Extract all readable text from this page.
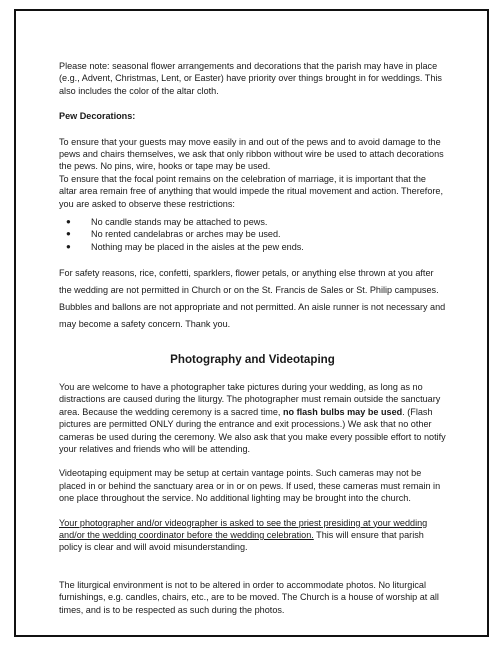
Please note: seasonal flower arrangements and decorations that the parish may have in place (e.g., Advent, Christmas, Lent, or Easter) have priority over things brought in for weddings. This also includes the color of the altar cloth.

Pew Decorations:

To ensure that your guests may move easily in and out of the pews and to avoid damage to the pews and chairs themselves, we ask that only ribbon without wire be used to attach decorations the pews. No pins, wire, hooks or tape may be used.

To ensure that the focal point remains on the celebration of marriage, it is important that the altar area remain free of anything that would impede the ritual movement and action. Therefore, you are asked to observe these restrictions:

● No candle stands may be attached to pews.
● No rented candelabras or arches may be used.
● Nothing may be placed in the aisles at the pew ends.

For safety reasons, rice, confetti, sparklers, flower petals, or anything else thrown at you after the wedding are not permitted in Church or on the St. Francis de Sales or St. Philip campuses. Bubbles and ballons are not appropriate and not permitted. An aisle runner is not necessary and may become a safety concern. Thank you.

Photography and Videotaping

You are welcome to have a photographer take pictures during your wedding, as long as no distractions are caused during the liturgy. The photographer must remain outside the sanctuary area. Because the wedding ceremony is a sacred time, no flash bulbs may be used. (Flash pictures are permitted ONLY during the entrance and exit processions.) We ask that no other cameras be used during the ceremony. We also ask that you make every possible effort to notify your relatives and friends who will be attending.

Videotaping equipment may be setup at certain vantage points. Such cameras may not be placed in or behind the sanctuary area or in or on pews. If used, these cameras must remain in one place throughout the service. No additional lighting may be brought into the church.

Your photographer and/or videographer is asked to see the priest presiding at your wedding and/or the wedding coordinator before the wedding celebration. This will ensure that parish policy is clear and will avoid misunderstanding.

The liturgical environment is not to be altered in order to accommodate photos. No liturgical furnishings, e.g. candles, chairs, etc., are to be moved. The Church is a house of worship at all times, and is to be respected as such during the photos.
